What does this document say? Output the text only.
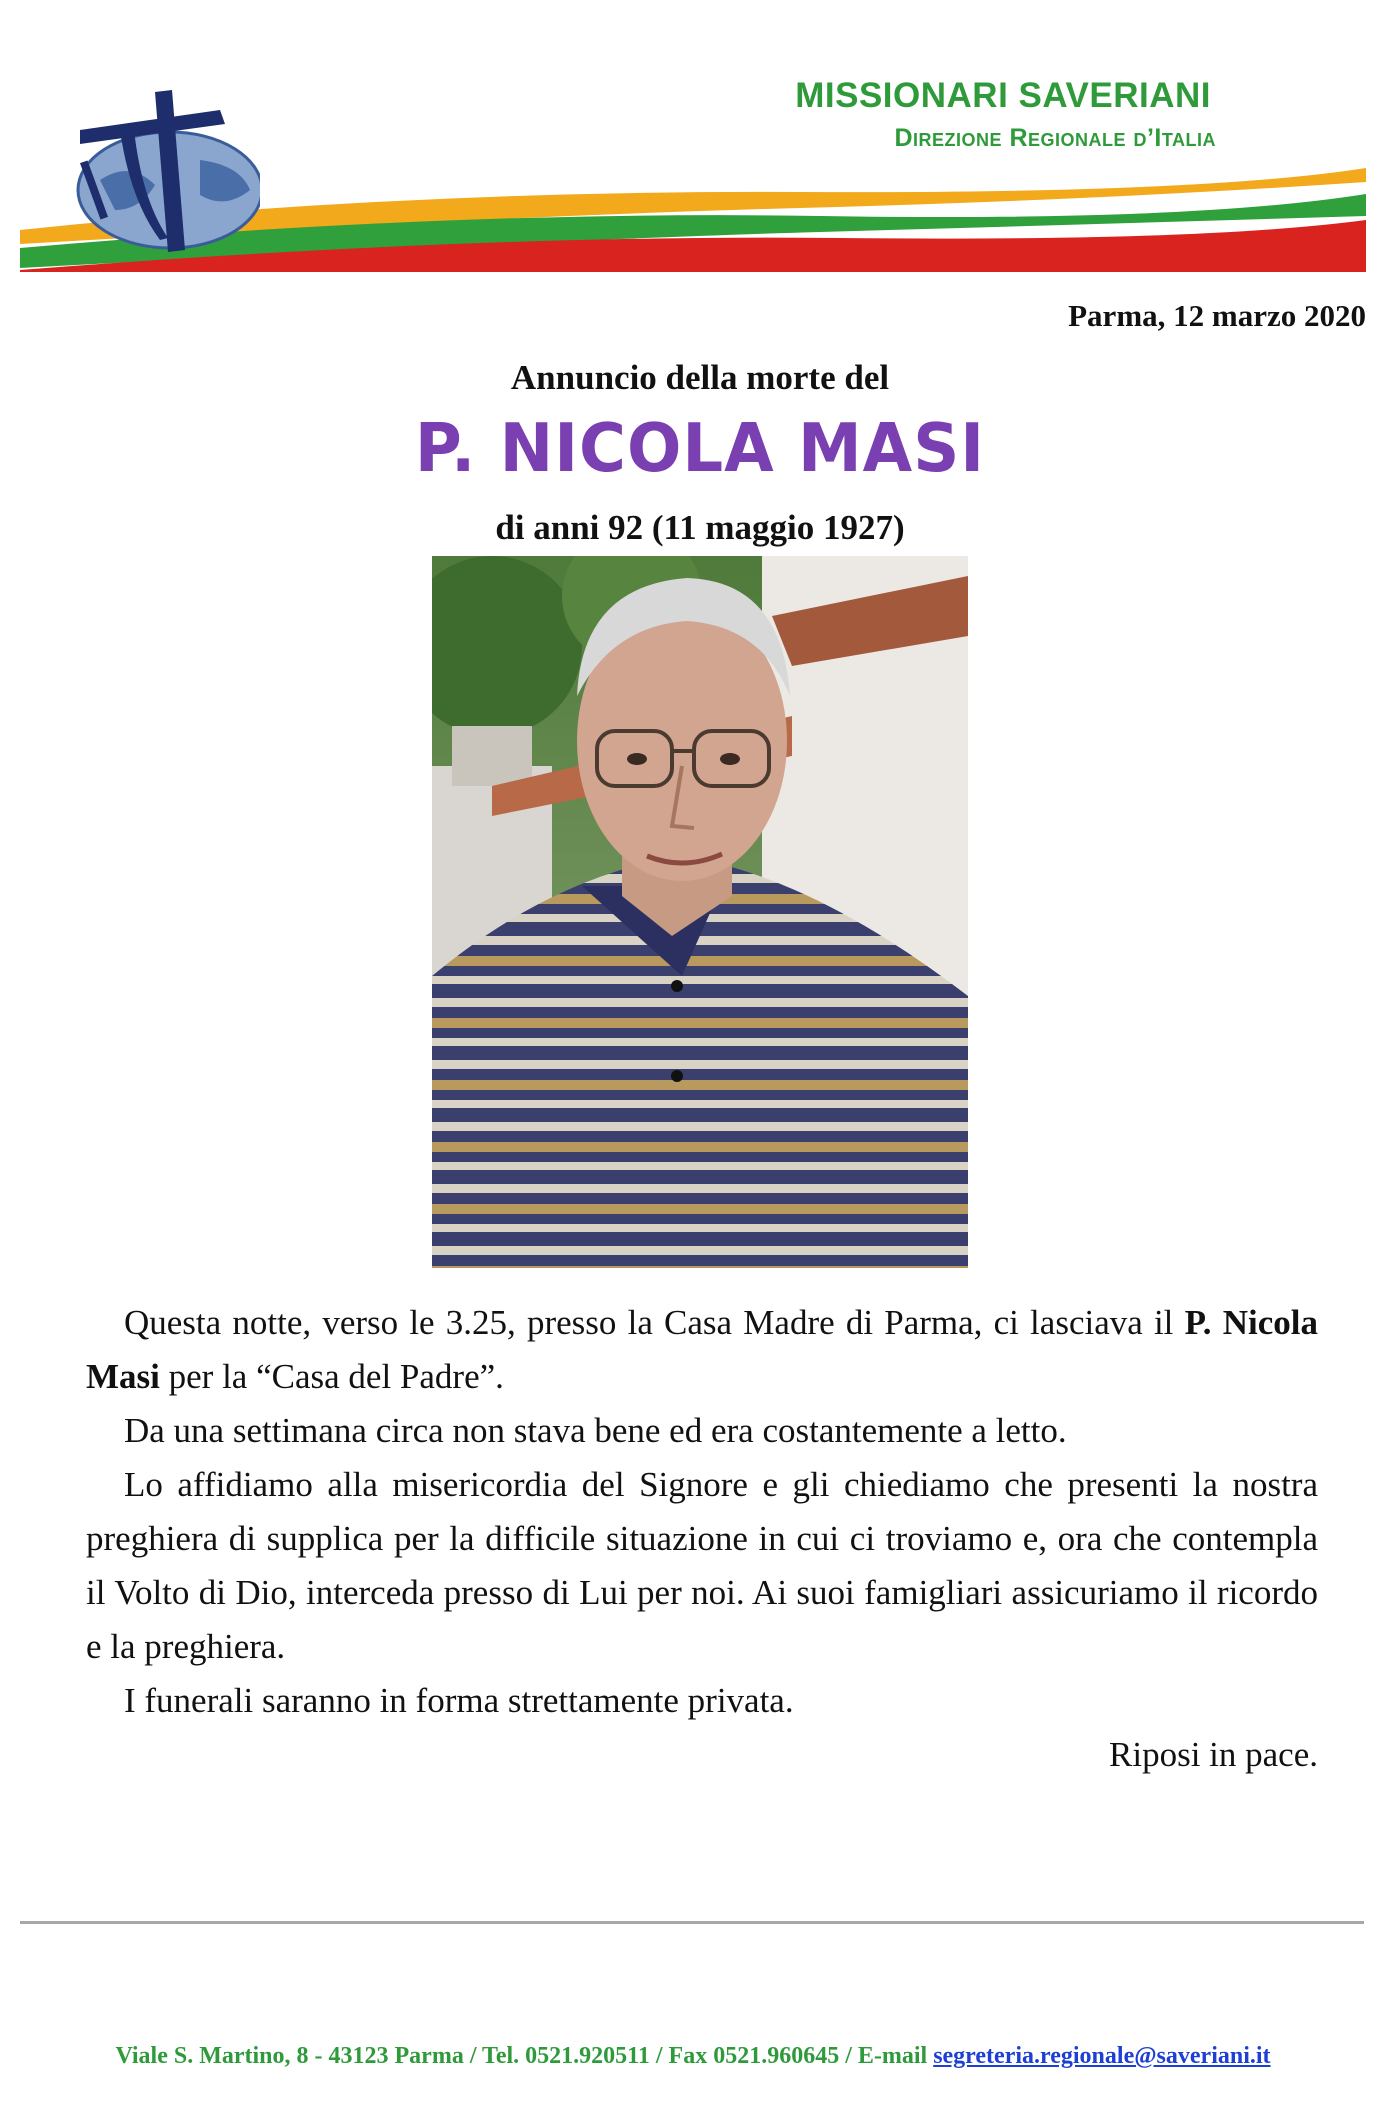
MISSIONARI SAVERIANI
Direzione Regionale d’Italia
Parma, 12 marzo 2020
Annuncio della morte del
P. NICOLA MASI
di anni 92 (11 maggio 1927)

Questa notte, verso le 3.25, presso la Casa Madre di Parma, ci lasciava il P. Nicola Masi per la “Casa del Padre”.

Da una settimana circa non stava bene ed era costantemente a letto.

Lo affidiamo alla misericordia del Signore e gli chiediamo che presenti la nostra preghiera di supplica per la difficile situazione in cui ci troviamo e, ora che contempla il Volto di Dio, interceda presso di Lui per noi. Ai suoi famigliari assicuriamo il ricordo e la preghiera.

I funerali saranno in forma strettamente privata.

Riposi in pace.

Viale S. Martino, 8 - 43123 Parma / Tel. 0521.920511 / Fax 0521.960645 / E-mail segreteria.regionale@saveriani.it
